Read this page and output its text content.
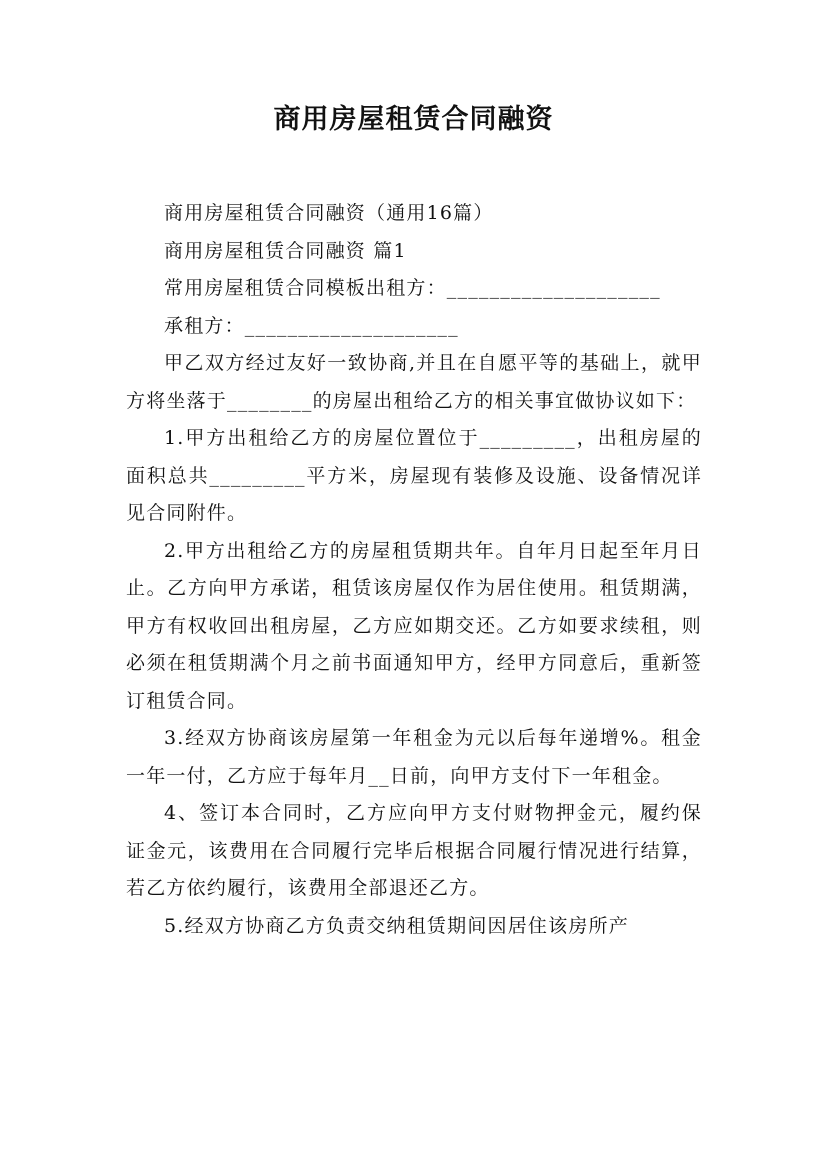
商用房屋租赁合同融资

商用房屋租赁合同融资（通用16篇）

商用房屋租赁合同融资 篇1

常用房屋租赁合同模板出租方：____________________

承租方：____________________

甲乙双方经过友好一致协商,并且在自愿平等的基础上，就甲方将坐落于________的房屋出租给乙方的相关事宜做协议如下：

1.甲方出租给乙方的房屋位置位于_________，出租房屋的面积总共_________平方米，房屋现有装修及设施、设备情况详见合同附件。

2.甲方出租给乙方的房屋租赁期共年。自年月日起至年月日止。乙方向甲方承诺，租赁该房屋仅作为居住使用。租赁期满，甲方有权收回出租房屋，乙方应如期交还。乙方如要求续租，则必须在租赁期满个月之前书面通知甲方，经甲方同意后，重新签订租赁合同。

3.经双方协商该房屋第一年租金为元以后每年递增%。租金一年一付，乙方应于每年月__日前，向甲方支付下一年租金。

4、签订本合同时，乙方应向甲方支付财物押金元，履约保证金元，该费用在合同履行完毕后根据合同履行情况进行结算，若乙方依约履行，该费用全部退还乙方。

5.经双方协商乙方负责交纳租赁期间因居住该房所产
